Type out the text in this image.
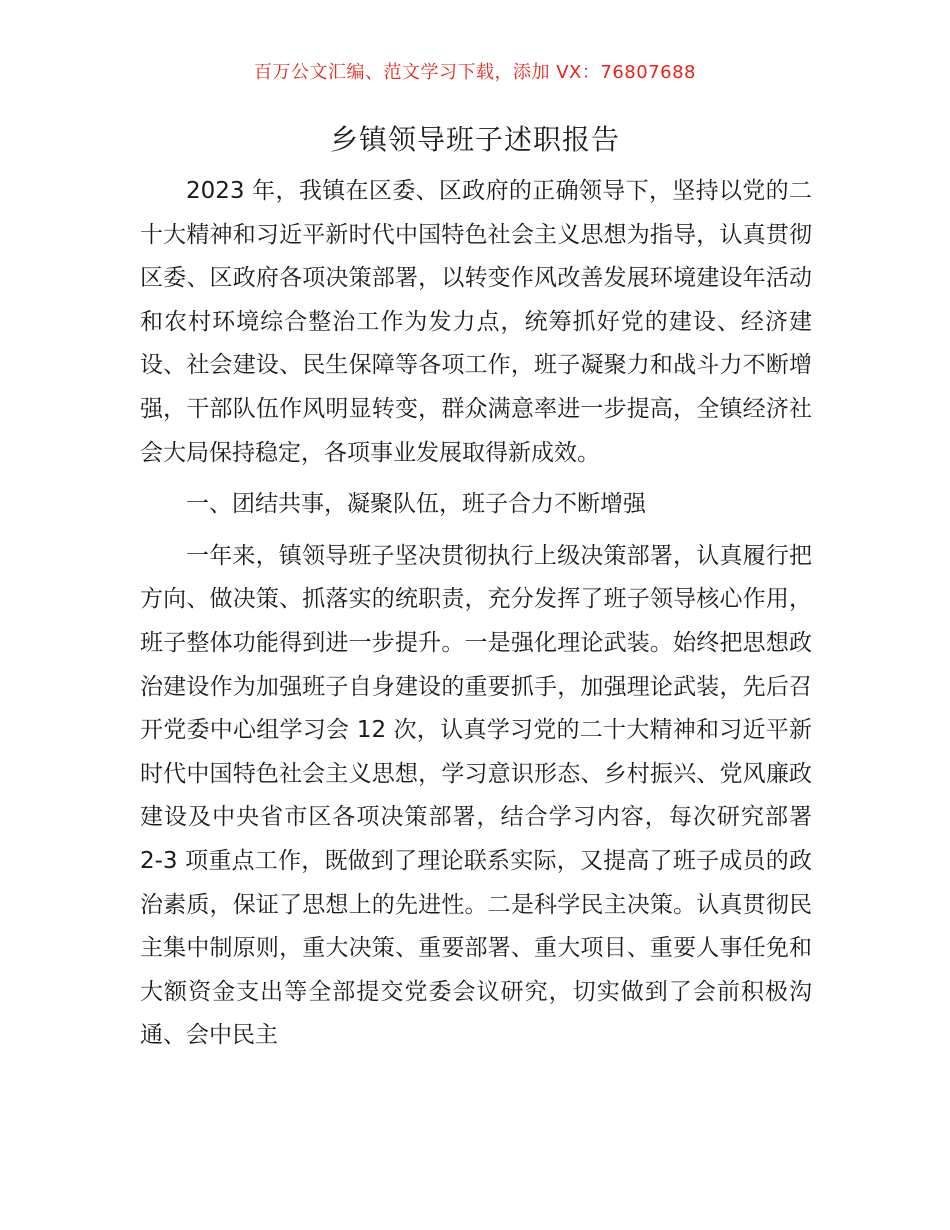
百万公文汇编、范文学习下载，添加 VX：76807688
乡镇领导班子述职报告

2023 年，我镇在区委、区政府的正确领导下，坚持以党的二十大精神和习近平新时代中国特色社会主义思想为指导，认真贯彻区委、区政府各项决策部署，以转变作风改善发展环境建设年活动和农村环境综合整治工作为发力点，统筹抓好党的建设、经济建设、社会建设、民生保障等各项工作，班子凝聚力和战斗力不断增强，干部队伍作风明显转变，群众满意率进一步提高，全镇经济社会大局保持稳定，各项事业发展取得新成效。

一、团结共事，凝聚队伍，班子合力不断增强

一年来，镇领导班子坚决贯彻执行上级决策部署，认真履行把方向、做决策、抓落实的统职责，充分发挥了班子领导核心作用，班子整体功能得到进一步提升。一是强化理论武装。始终把思想政治建设作为加强班子自身建设的重要抓手，加强理论武装，先后召开党委中心组学习会 12 次，认真学习党的二十大精神和习近平新时代中国特色社会主义思想，学习意识形态、乡村振兴、党风廉政建设及中央省市区各项决策部署，结合学习内容，每次研究部署 2-3 项重点工作，既做到了理论联系实际，又提高了班子成员的政治素质，保证了思想上的先进性。二是科学民主决策。认真贯彻民主集中制原则，重大决策、重要部署、重大项目、重要人事任免和大额资金支出等全部提交党委会议研究，切实做到了会前积极沟通、会中民主
